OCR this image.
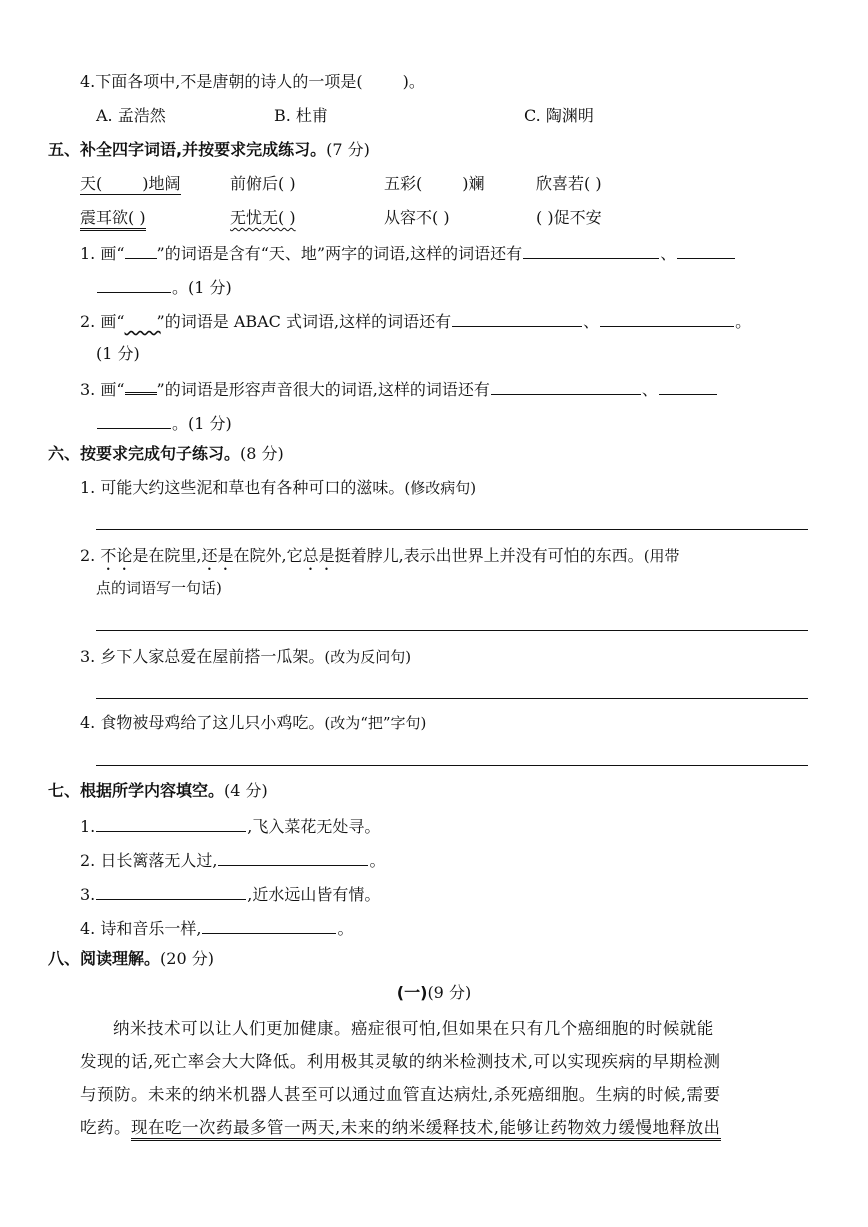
4.下面各项中,不是唐朝的诗人的一项是(	)。
A. 孟浩然	B. 杜甫	C. 陶渊明
五、补全四字词语,并按要求完成练习。(7 分)
天(	)地阔	前俯后( )	五彩(	)斓	欣喜若( )
震耳欲( )	无忧无( )	从容不( )	( )促不安
1. 画“ ”的词语是含有“天、地”两字的词语,这样的词语还有	、
。(1 分)
2. 画“ ”的词语是 ABAC 式词语,这样的词语还有	、	。
(1 分)
3. 画“ ”的词语是形容声音很大的词语,这样的词语还有	、
。(1 分)
六、按要求完成句子练习。(8 分)
1. 可能大约这些泥和草也有各种可口的滋味。(修改病句)
2. 不论是在院里,还是在院外,它总是挺着脖儿,表示出世界上并没有可怕的东西。(用带
点的词语写一句话)
3. 乡下人家总爱在屋前搭一瓜架。(改为反问句)
4. 食物被母鸡给了这儿只小鸡吃。(改为“把”字句)
七、根据所学内容填空。(4 分)
1.	,飞入菜花无处寻。
2. 日长篱落无人过,	。
3.	,近水远山皆有情。
4. 诗和音乐一样,	。
八、阅读理解。(20 分)
(一)(9 分)
纳米技术可以让人们更加健康。癌症很可怕,但如果在只有几个癌细胞的时候就能
发现的话,死亡率会大大降低。利用极其灵敏的纳米检测技术,可以实现疾病的早期检测
与预防。未来的纳米机器人甚至可以通过血管直达病灶,杀死癌细胞。生病的时候,需要
吃药。现在吃一次药最多管一两天,未来的纳米缓释技术,能够让药物效力缓慢地释放出
